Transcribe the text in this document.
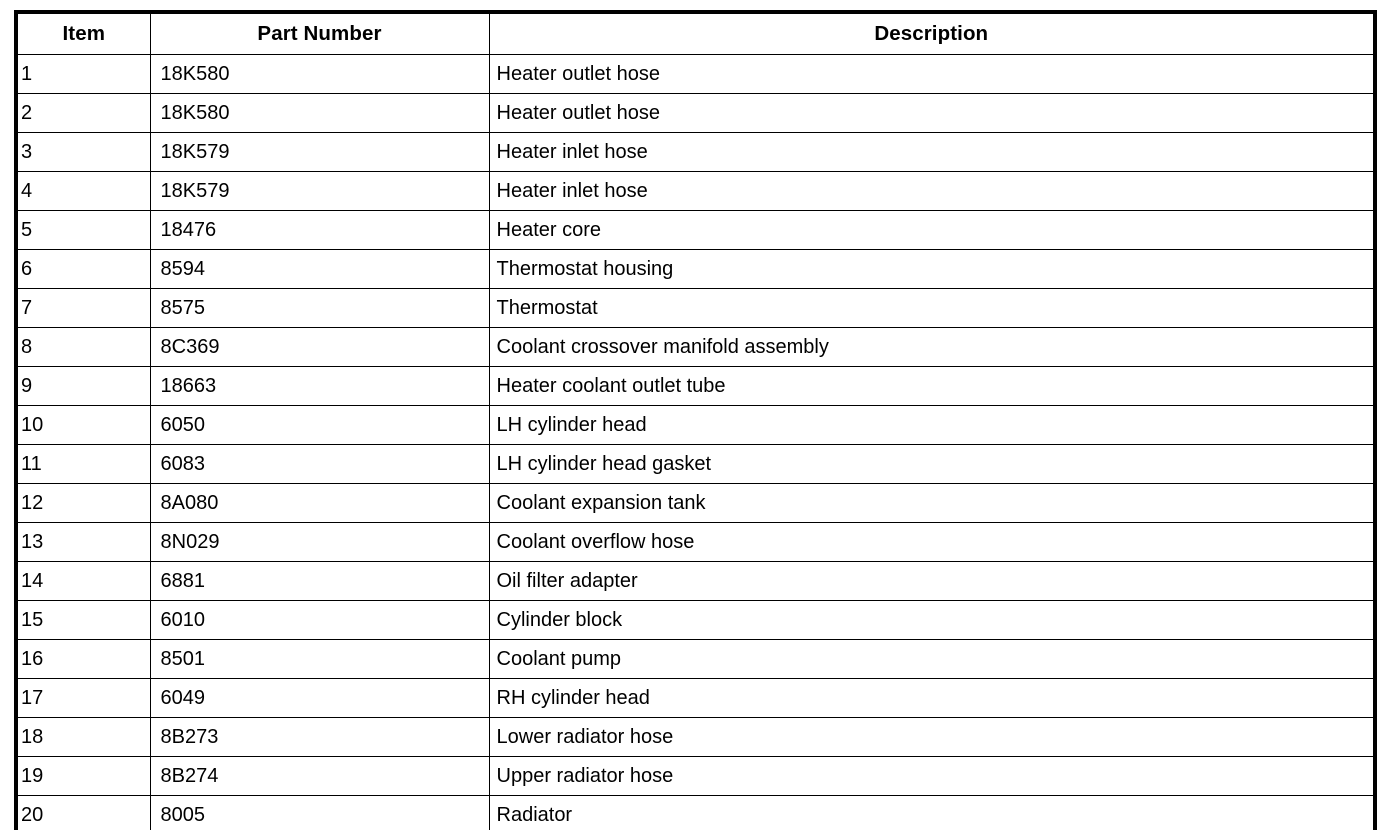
Item	Part Number	Description
1	18K580	Heater outlet hose
2	18K580	Heater outlet hose
3	18K579	Heater inlet hose
4	18K579	Heater inlet hose
5	18476	Heater core
6	8594	Thermostat housing
7	8575	Thermostat
8	8C369	Coolant crossover manifold assembly
9	18663	Heater coolant outlet tube
10	6050	LH cylinder head
11	6083	LH cylinder head gasket
12	8A080	Coolant expansion tank
13	8N029	Coolant overflow hose
14	6881	Oil filter adapter
15	6010	Cylinder block
16	8501	Coolant pump
17	6049	RH cylinder head
18	8B273	Lower radiator hose
19	8B274	Upper radiator hose
20	8005	Radiator
